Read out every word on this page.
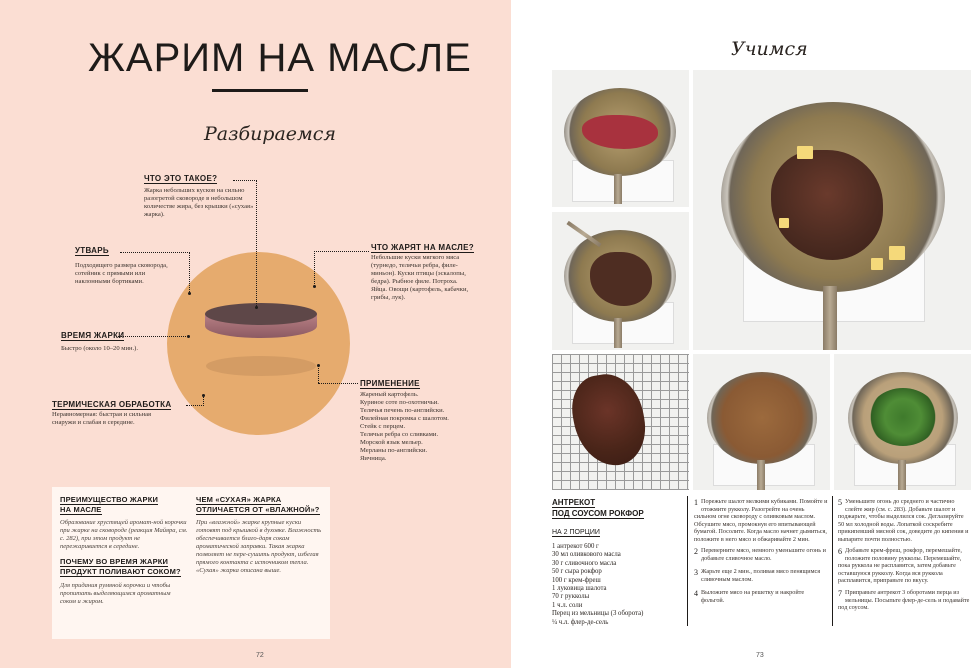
ЖАРИМ НА МАСЛЕ
Разбираемся
ЧТО ЭТО ТАКОЕ?
Жарка небольших кусков на сильно разогретой сковороде в небольшом количестве жира, без крышки («сухая» жарка).
УТВАРЬ
Подходящего размера сковорода, сотейник с прямыми или наклонными бортиками.
ВРЕМЯ ЖАРКИ
Быстро (около 10–20 мин.).
ТЕРМИЧЕСКАЯ ОБРАБОТКА
Неравномерная: быстрая и сильная снаружи и слабая в середине.
ЧТО ЖАРЯТ НА МАСЛЕ?
Небольшие куски мягкого мяса (турнедо, телячьи ребра, филе-миньон). Куски птицы (эскалопы, бедра). Рыбное филе. Потроха. Яйца. Овощи (картофель, кабачки, грибы, лук).
ПРИМЕНЕНИЕ
Жареный картофель.
Куриное соте по-охотничьи.
Телячья печень по-английски.
Филейная покромка с шалотом.
Стейк с перцем.
Телячьи ребра со сливками.
Морской язык мельер.
Мерланы по-английски.
Яичница.
ПРЕИМУЩЕСТВО ЖАРКИ
НА МАСЛЕ
Образование хрустящей аромат-ной корочки при жарке на сковороде (реакция Майяра, см. с. 282), при этом продукт не пережаривается в середине.
ПОЧЕМУ ВО ВРЕМЯ ЖАРКИ
ПРОДУКТ ПОЛИВАЮТ СОКОМ?
Для придания румяной корочки и чтобы пропитать выделяющимся ароматным соком и жиром.
ЧЕМ «СУХАЯ» ЖАРКА
ОТЛИЧАЕТСЯ ОТ «ВЛАЖНОЙ»?
При «влажной» жарке крупные куски готовят под крышкой в духовке. Влажность обеспечивается благо-даря сокам ароматической заправки. Такая жарка позволяет не пере-сушить продукт, избегая прямого контакта с источником тепла. «Сухая» жарка описана выше.
72
Учимся
АНТРЕКОТ
ПОД СОУСОМ РОКФОР
НА 2 ПОРЦИИ
1 антрекот 600 г
30 мл оливкового масла
30 г сливочного масла
50 г сыра рокфор
100 г крем-фреш
1 луковица шалота
70 г рукколы
1 ч.л. соли
Перец из мельницы (3 оборота)
¼ ч.л. флер-де-сель
1 Порежьте шалот мелкими кубиками. Помойте и отожмите рукколу. Разогрейте на очень сильном огне сковороду с оливковым маслом. Обсушите мясо, промокнув его впитывающей бумагой. Посолите. Когда масло начнет дымиться, положите в него мясо и обжаривайте 2 мин.
2 Переверните мясо, немного уменьшите огонь и добавьте сливочное масло.
3 Жарьте еще 2 мин., поливая мясо пенящимся сливочным маслом.
4 Выложите мясо на решетку и накройте фольгой.
5 Уменьшите огонь до среднего и частично слейте жир (см. с. 283). Добавьте шалот и поджарьте, чтобы выделился сок. Деглазируйте 50 мл холодной воды. Лопаткой соскребите прикипевший мясной сок, доведите до кипения и выпарите почти полностью.
6 Добавьте крем-фреш, рокфор, перемешайте, положите половину рукколы. Перемешайте, пока руккола не расплавится, затем добавьте оставшуюся рукколу. Когда вся руккола расплавится, приправьте по вкусу.
7 Приправьте антрекот 3 оборотами перца из мельницы. Посыпьте флер-де-сель и подавайте под соусом.
73
